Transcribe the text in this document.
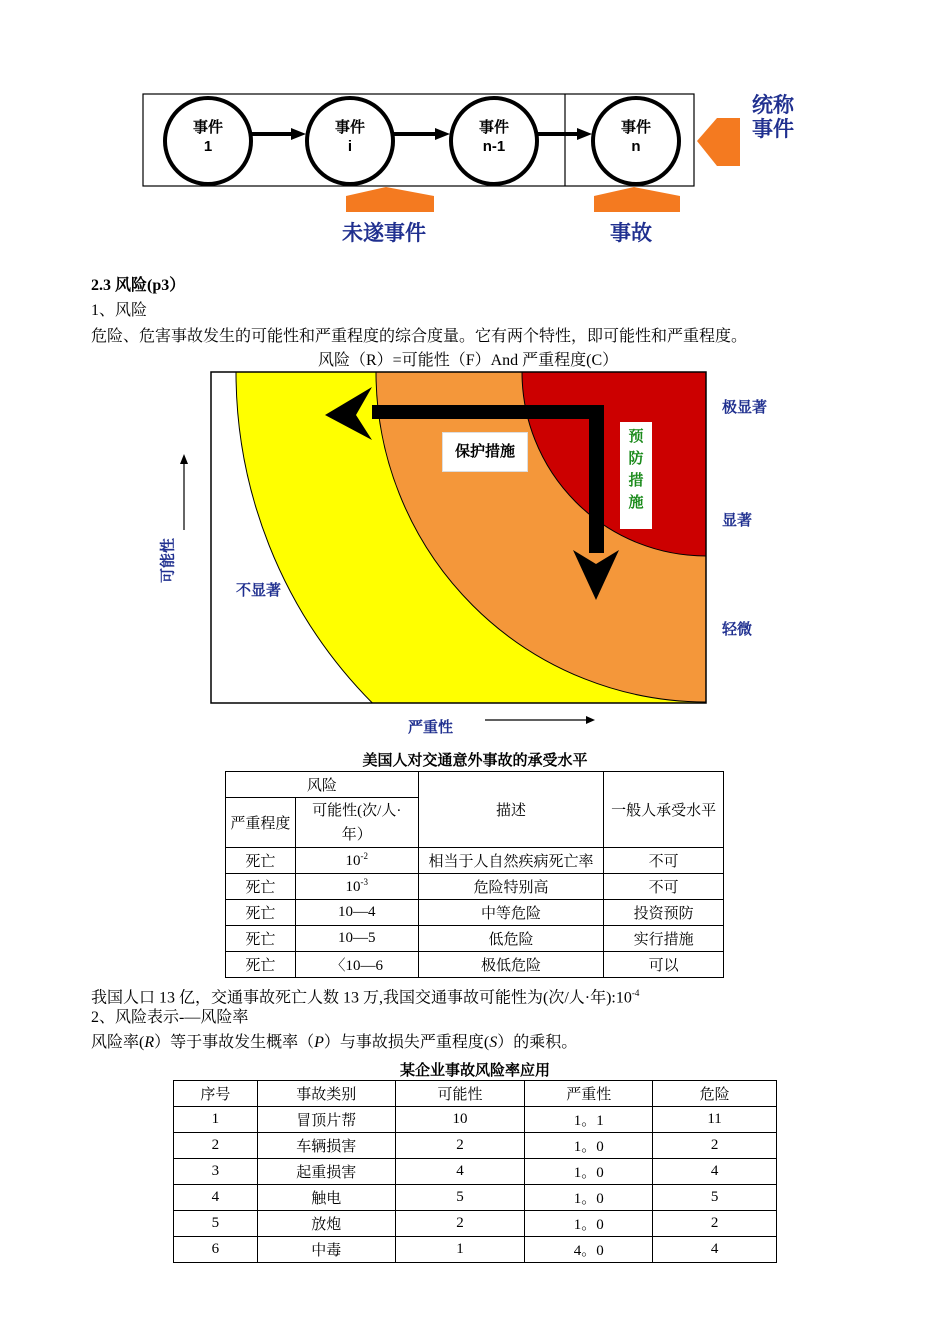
事件
1
事件
i
事件
n-1
事件
n
统称
事件
未遂事件	事故
2.3 风险(p3）
1、风险
危险、危害事故发生的可能性和严重程度的综合度量。它有两个特性，即可能性和严重程度。
风险（R）=可能性（F）And 严重程度(C）
保护措施
预
防
措
施
极显著
显著
轻微
不显著
可能性
严重性
美国人对交通意外事故的承受水平
风险		描述	一般人承受水平
严重程度	可能性(次/人·年）		
死亡	$10^{-2}$	相当于人自然疾病死亡率	不可
死亡	$10^{-3}$	危险特别高	不可
死亡	10—4	中等危险	投资预防
死亡	10—5	低危险	实行措施
死亡	〈10—6	极低危险	可以
我国人口 13 亿，交通事故死亡人数 13 万,我国交通事故可能性为(次/人·年)$:10^{-4}$
2、风险表示-—风险率
风险率(R）等于事故发生概率（P）与事故损失严重程度(S）的乘积。
某企业事故风险率应用
序号	事故类别	可能性	严重性	危险
1	冒顶片帮	10	1。1	11
2	车辆损害	2	1。0	2
3	起重损害	4	1。0	4
4	触电	5	1。0	5
5	放炮	2	1。0	2
6	中毒	1	4。0	4
